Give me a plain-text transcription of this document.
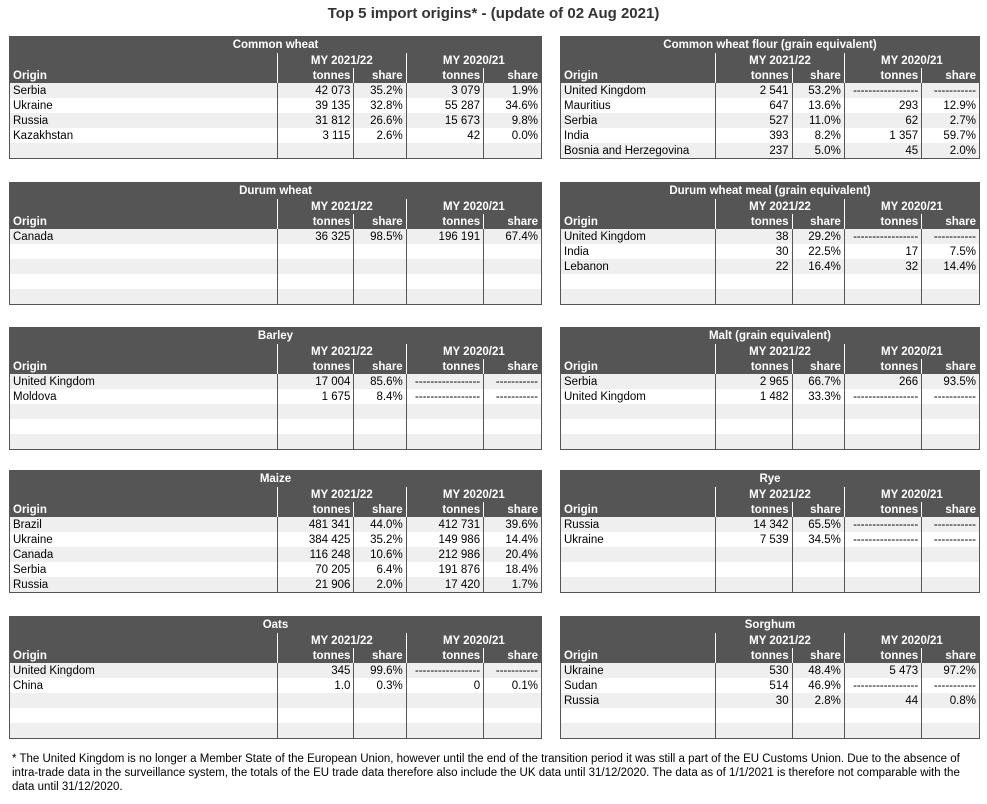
Top 5 import origins* - (update of 02 Aug 2021)
Common wheat				
	MY 2021/22		MY 2020/21	
Origin	tonnes	share	tonnes	share
Serbia	42 073	35.2%	3 079	1.9%
Ukraine	39 135	32.8%	55 287	34.6%
Russia	31 812	26.6%	15 673	9.8%
Kazakhstan	3 115	2.6%	42	0.0%

Common wheat flour (grain equivalent)				
	MY 2021/22		MY 2020/21	
Origin	tonnes	share	tonnes	share
United Kingdom	2 541	53.2%	-----------------	-----------
Mauritius	647	13.6%	293	12.9%
Serbia	527	11.0%	62	2.7%
India	393	8.2%	1 357	59.7%
Bosnia and Herzegovina	237	5.0%	45	2.0%
Durum wheat				
	MY 2021/22		MY 2020/21	
Origin	tonnes	share	tonnes	share
Canada	36 325	98.5%	196 191	67.4%

Durum wheat meal (grain equivalent)				
	MY 2021/22		MY 2020/21	
Origin	tonnes	share	tonnes	share
United Kingdom	38	29.2%	-----------------	-----------
India	30	22.5%	17	7.5%
Lebanon	22	16.4%	32	14.4%

Barley				
	MY 2021/22		MY 2020/21	
Origin	tonnes	share	tonnes	share
United Kingdom	17 004	85.6%	-----------------	-----------
Moldova	1 675	8.4%	-----------------	-----------

Malt (grain equivalent)				
	MY 2021/22		MY 2020/21	
Origin	tonnes	share	tonnes	share
Serbia	2 965	66.7%	266	93.5%
United Kingdom	1 482	33.3%	-----------------	-----------

Maize				
	MY 2021/22		MY 2020/21	
Origin	tonnes	share	tonnes	share
Brazil	481 341	44.0%	412 731	39.6%
Ukraine	384 425	35.2%	149 986	14.4%
Canada	116 248	10.6%	212 986	20.4%
Serbia	70 205	6.4%	191 876	18.4%
Russia	21 906	2.0%	17 420	1.7%
Rye				
	MY 2021/22		MY 2020/21	
Origin	tonnes	share	tonnes	share
Russia	14 342	65.5%	-----------------	-----------
Ukraine	7 539	34.5%	-----------------	-----------

Oats				
	MY 2021/22		MY 2020/21	
Origin	tonnes	share	tonnes	share
United Kingdom	345	99.6%	-----------------	-----------
China	1.0	0.3%	0	0.1%

Sorghum				
	MY 2021/22		MY 2020/21	
Origin	tonnes	share	tonnes	share
Ukraine	530	48.4%	5 473	97.2%
Sudan	514	46.9%	-----------------	-----------
Russia	30	2.8%	44	0.8%

* The United Kingdom is no longer a Member State of the European Union, however until the end of the transition period it was still a part of the EU Customs Union. Due to the absence of intra-trade data in the surveillance system, the totals of the EU trade data therefore also include the UK data until 31/12/2020. The data as of 1/1/2021 is therefore not comparable with the data until 31/12/2020.
